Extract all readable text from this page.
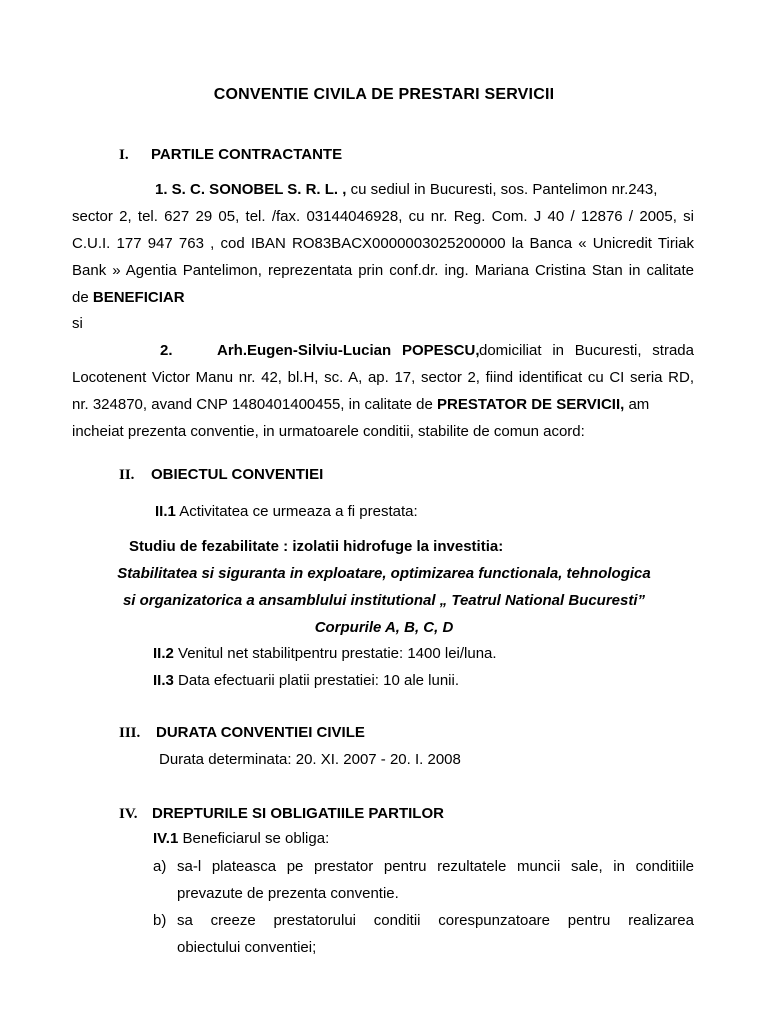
CONVENTIE CIVILA DE PRESTARI SERVICII
I. PARTILE CONTRACTANTE
1. S. C. SONOBEL S. R. L. , cu sediul in Bucuresti, sos. Pantelimon nr.243,
sector 2, tel. 627 29 05, tel. /fax. 03144046928, cu nr. Reg. Com. J 40 / 12876 / 2005, si
C.U.I. 177 947 763 , cod IBAN RO83BACX0000003025200000 la Banca « Unicredit Tiriak
Bank » Agentia Pantelimon, reprezentata prin conf.dr. ing. Mariana Cristina Stan in calitate
de BENEFICIAR
si
2.	Arh.Eugen-Silviu-Lucian POPESCU, domiciliat in Bucuresti, strada
Locotenent Victor Manu nr. 42, bl.H, sc. A, ap. 17, sector 2, fiind identificat cu CI seria RD,
nr. 324870, avand CNP 1480401400455, in calitate de PRESTATOR DE SERVICII, am
incheiat prezenta conventie, in urmatoarele conditii, stabilite de comun acord:
II. OBIECTUL CONVENTIEI
II.1 Activitatea ce urmeaza a fi prestata:
Studiu de fezabilitate : izolatii hidrofuge la investitia:
Stabilitatea si siguranta in exploatare, optimizarea functionala, tehnologica
si organizatorica a ansamblului institutional „ Teatrul National Bucuresti”
Corpurile A, B, C, D
II.2 Venitul net stabilitpentru prestatie: 1400 lei/luna.
II.3 Data efectuarii platii prestatiei: 10 ale lunii.
III. DURATA CONVENTIEI CIVILE
Durata determinata: 20. XI. 2007 - 20. I. 2008
IV. DREPTURILE SI OBLIGATIILE PARTILOR
IV.1 Beneficiarul se obliga:
a) sa-l plateasca pe prestator pentru rezultatele muncii sale, in conditiile
prevazute de prezenta conventie.
b) sa creeze prestatorului conditii corespunzatoare pentru realizarea
obiectului conventiei;
